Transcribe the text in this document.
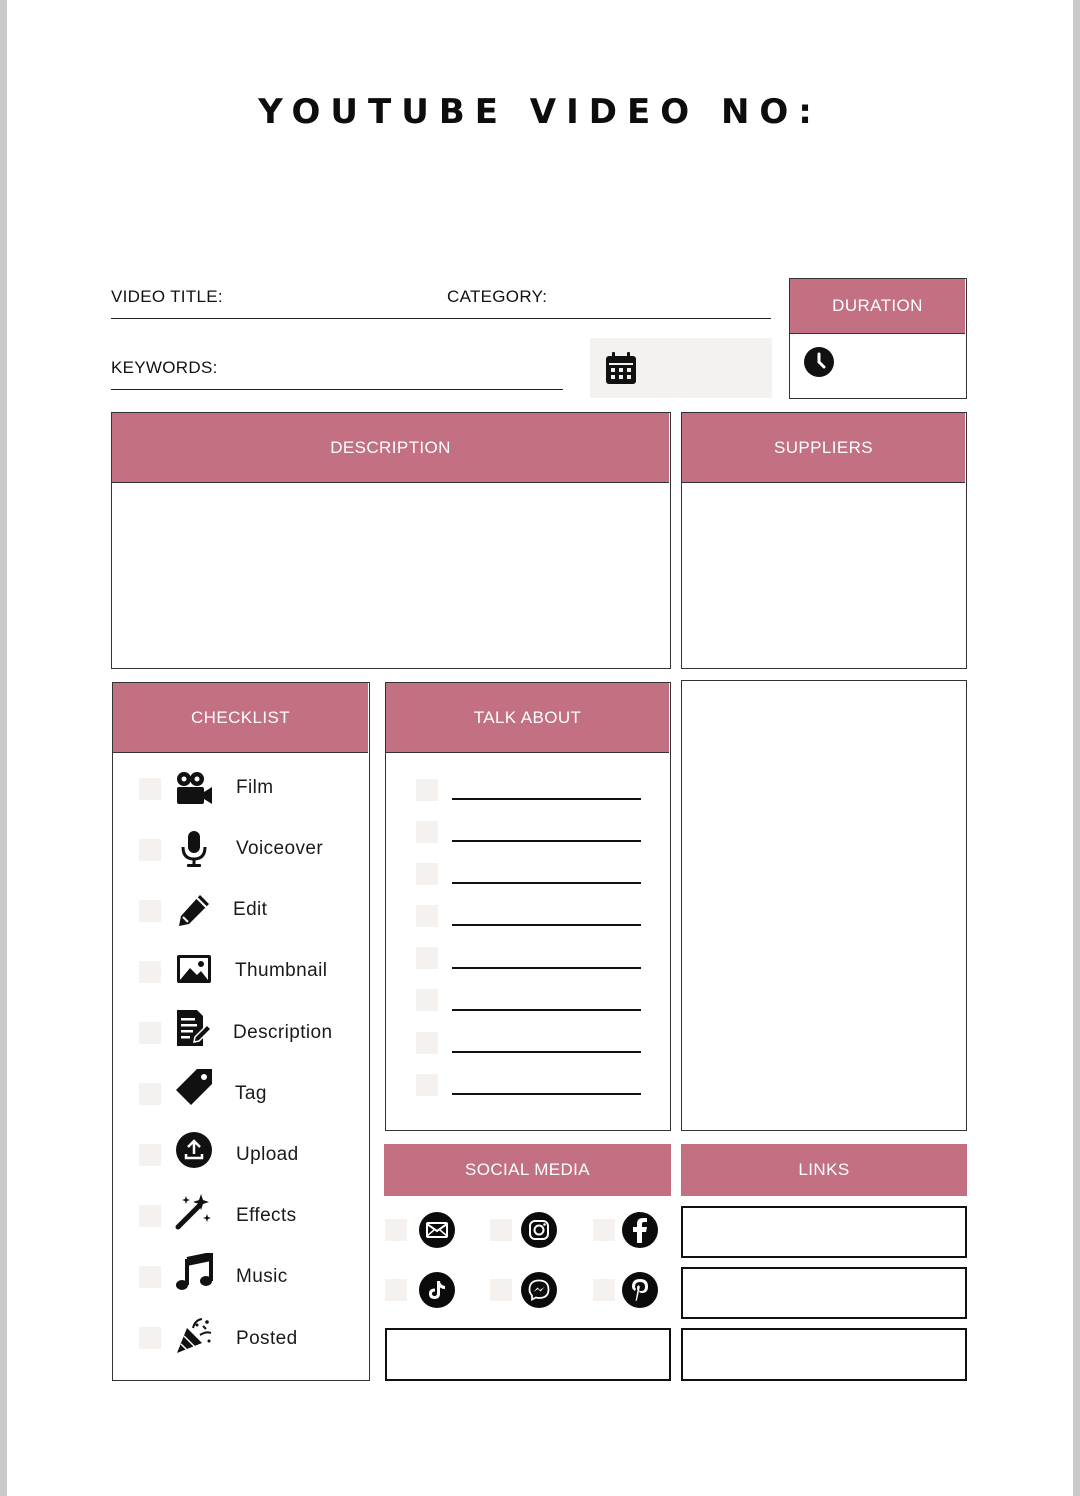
YOUTUBE VIDEO NO:
VIDEO TITLE:	CATEGORY:
KEYWORDS:
DURATION
DESCRIPTION	SUPPLIERS
CHECKLIST
Film
Voiceover
Edit
Thumbnail
Description
Tag
Upload
Effects
Music
Posted
TALK ABOUT
SOCIAL MEDIA	LINKS
